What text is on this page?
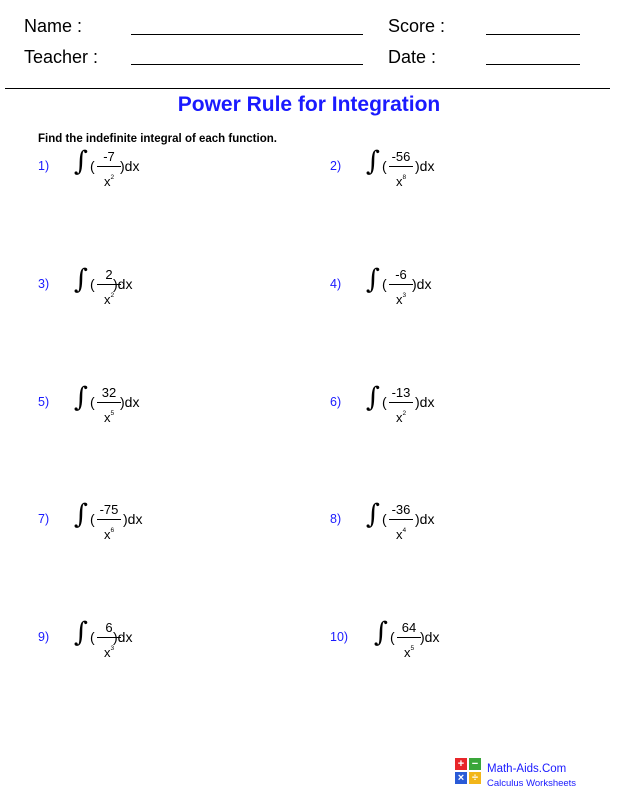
Name :	Score :
Teacher :	Date :
Power Rule for Integration
Find the indefinite integral of each function.
1) ∫ (
-7
$x^2$
)dx	2) ∫ (
-56
$x^8$
)dx
3) ∫ (
2
$x^2$
)dx	4) ∫ (
-6
$x^3$
)dx
5) ∫ (
32
$x^5$
)dx	6) ∫ (
-13
$x^2$
)dx
7) ∫ (
-75
$x^6$
)dx	8) ∫ (
-36
$x^4$
)dx
9) ∫ (
6
$x^3$
)dx	10) ∫ (
64
$x^5$
)dx
+ −
× ÷
Math-Aids.Com
Calculus Worksheets
